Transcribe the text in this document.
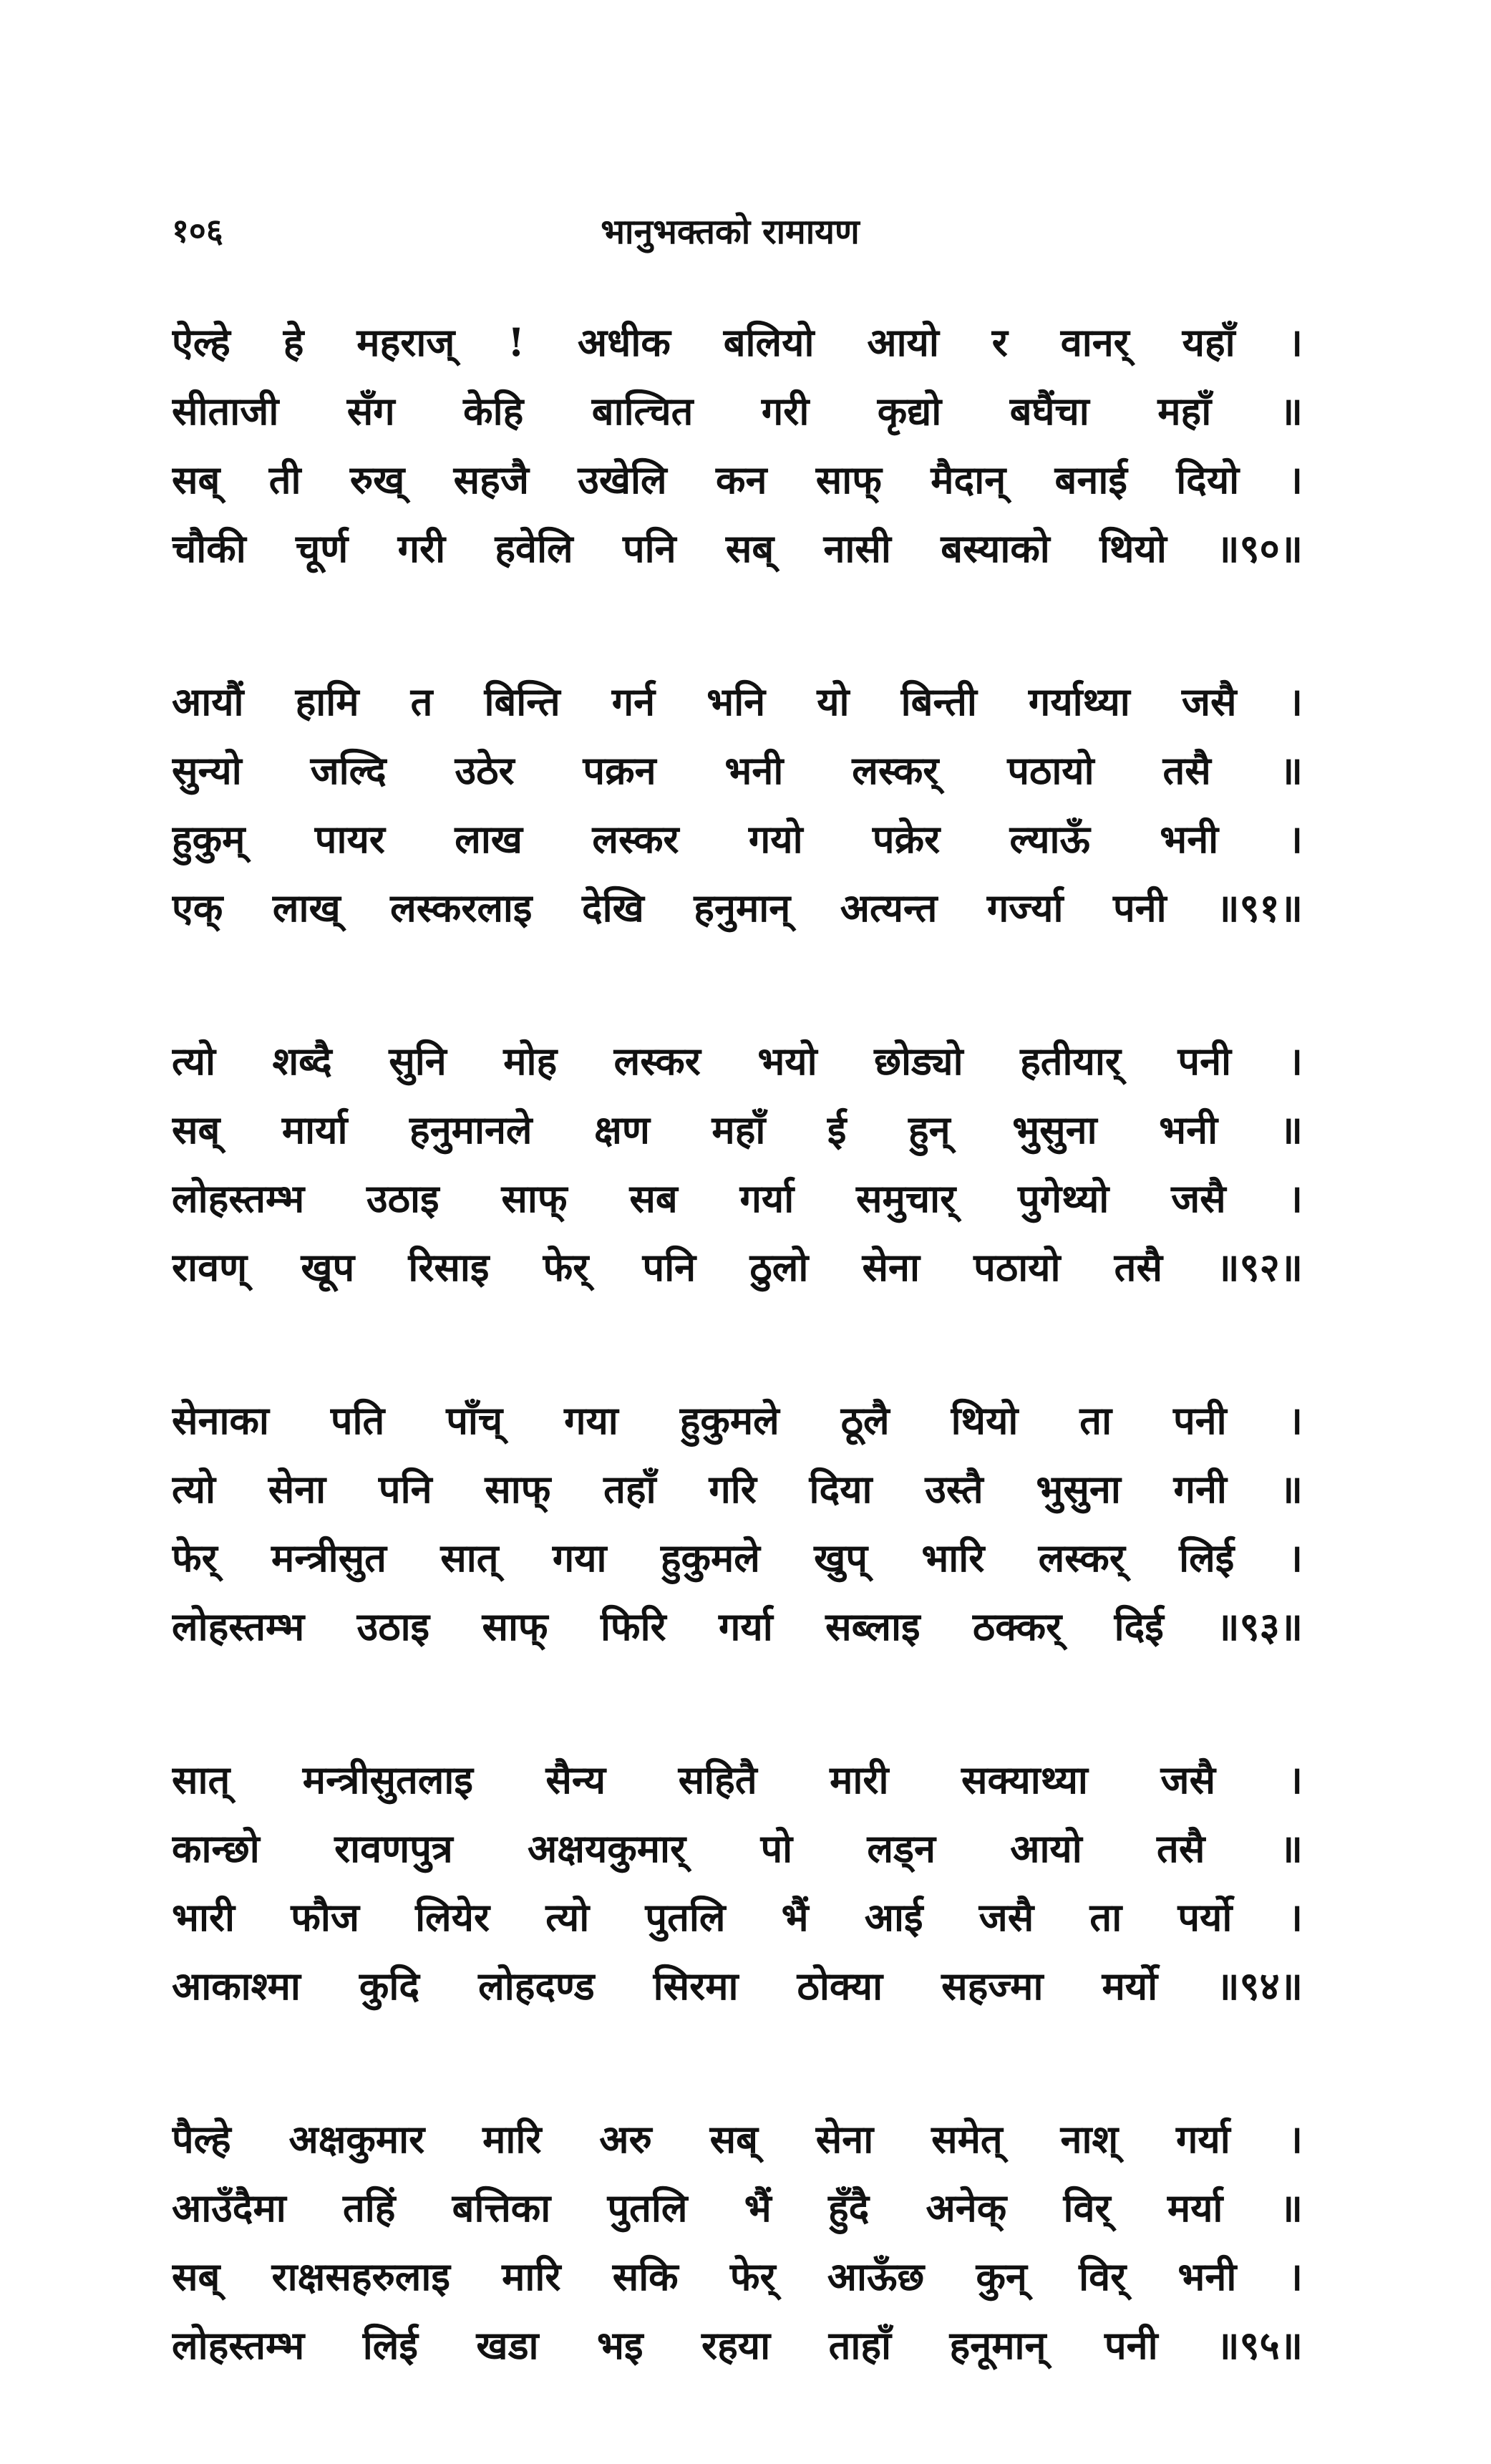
१०६	भानुभक्तको रामायण
ऐल्हे हे महराज् ! अधीक बलियो आयो र वानर् यहाँ ।
सीताजी सँग केहि बात्चित गरी कृद्यो बघैंचा महाँ ॥
सब् ती रुख् सहजै उखेलि कन साफ् मैदान् बनाई दियो ।
चौकी चूर्ण गरी हवेलि पनि सब् नासी बस्याको थियो ॥९०॥
आयौं हामि त बिन्ति गर्न भनि यो बिन्ती गर्याथ्या जसै ।
सुन्यो जल्दि उठेर पक्रन भनी लस्कर् पठायो तसै ॥
हुकुम् पायर लाख लस्कर गयो पक्रेर ल्याऊँ भनी ।
एक् लाख् लस्करलाइ देखि हनुमान् अत्यन्त गर्ज्या पनी ॥९१॥
त्यो शब्दै सुनि मोह लस्कर भयो छोड्यो हतीयार् पनी ।
सब् मार्या हनुमानले क्षण महाँ ई हुन् भुसुना भनी ॥
लोहस्तम्भ उठाइ साफ् सब गर्या समुचार् पुगेथ्यो जसै ।
रावण् खूप रिसाइ फेर् पनि ठुलो सेना पठायो तसै ॥९२॥
सेनाका पति पाँच् गया हुकुमले ठूलै थियो ता पनी ।
त्यो सेना पनि साफ् तहाँ गरि दिया उस्तै भुसुना गनी ॥
फेर् मन्त्रीसुत सात् गया हुकुमले खुप् भारि लस्कर् लिई ।
लोहस्तम्भ उठाइ साफ् फिरि गर्या सब्लाइ ठक्कर् दिई ॥९३॥
सात् मन्त्रीसुतलाइ सैन्य सहितै मारी सक्याथ्या जसै ।
कान्छो रावणपुत्र अक्षयकुमार् पो लड्न आयो तसै ॥
भारी फौज लियेर त्यो पुतलि भैं आई जसै ता पर्यो ।
आकाश्मा कुदि लोहदण्ड सिरमा ठोक्या सहज्मा मर्यो ॥९४॥
पैल्हे अक्षकुमार मारि अरु सब् सेना समेत् नाश् गर्या ।
आउँदैमा तहिं बत्तिका पुतलि भैं हुँदै अनेक् विर् मर्या ॥
सब् राक्षसहरुलाइ मारि सकि फेर् आऊँछ कुन् विर् भनी ।
लोहस्तम्भ लिई खडा भइ रहया ताहाँ हनूमान् पनी ॥९५॥
